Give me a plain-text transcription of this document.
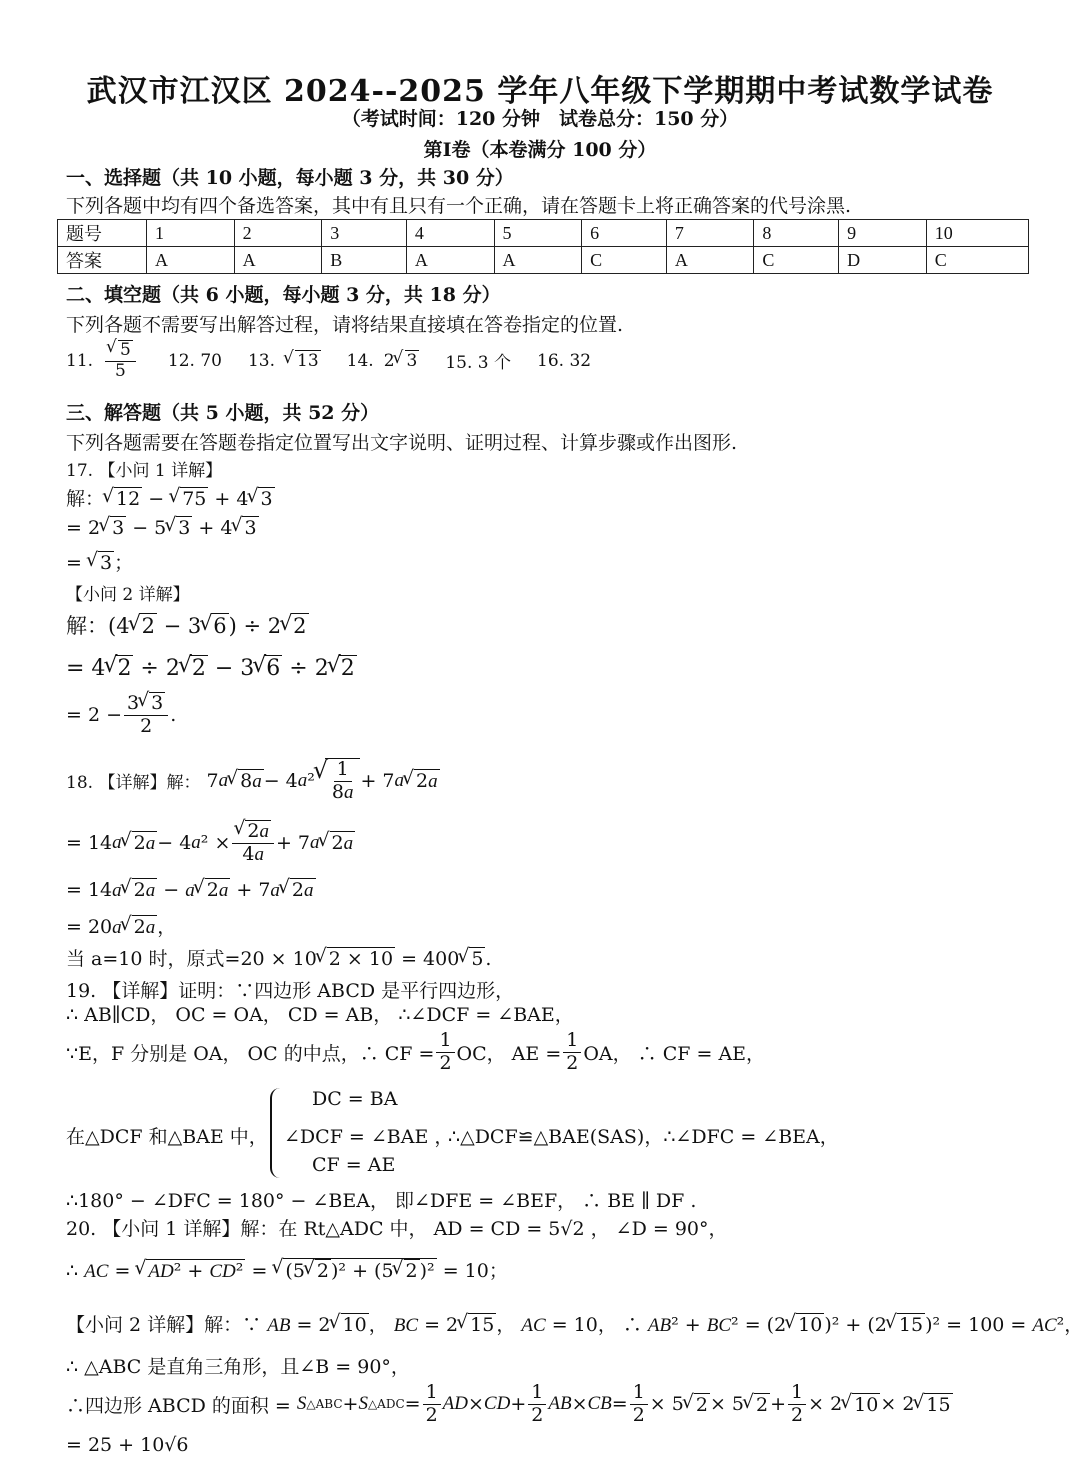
武汉市江汉区 2024--2025 学年八年级下学期期中考试数学试卷
（考试时间：120 分钟　试卷总分：150 分）
第Ⅰ卷（本卷满分 100 分）
一、选择题（共 10 小题，每小题 3 分，共 30 分）
下列各题中均有四个备选答案，其中有且只有一个正确，请在答题卡上将正确答案的代号涂黑.
题号	1	2	3	4	5	6	7	8	9	10
答案	A	A	B	A	A	C	A	C	D	C
二、填空题（共 6 小题，每小题 3 分，共 18 分）
下列各题不需要写出解答过程，请将结果直接填在答卷指定的位置.
11. √ $\frac{5}{5} 12$. 70 13.	√ 13 14. 2 √ 3 15. 3 个 16. 32
三、解答题（共 5 小题，共 52 分）
下列各题需要在答题卷指定位置写出文字说明、证明过程、计算步骤或作出图形.
17. 【小问 1 详解】
解： √ 12 − √ 75 + 4 √ 3
= 2 √ 3 − 5 √ 3 + 4 √ 3
= √ 3 ；
【小问 2 详解】
解：(4 √ 2 − 3 √ 6) ÷ 2 √ 2
= 4 √ 2 ÷ 2 √ 2 − 3 √ 6 ÷ 2 √ 2
= $2 - \frac{3 √ 3}{2}$ .
18. 【详解】解： 7 a √ 8a − 4 a ² √ $\frac{1}{8a} + 7$ a √ 2a
= 14 a √ 2a − 4 a ² × √ $\frac{2a}{4a} + 7$ a √ 2a
= 14a √ 2a − a √ 2a + 7a √ 2a
= 20a √ 2a ，
当 a=10 时，原式=20 × 10 √ 2 × 10 = 400 √ 5 .
19. 【详解】证明：∵四边形 ABCD 是平行四边形，
∴ AB∥CD， OC = OA， CD = AB， ∴∠DCF = ∠BAE，
∵E，F 分别是 OA， OC 的中点，∴ CF = $\frac{1}{2}$ OC， AE = $\frac{1}{2}$ OA， ∴ CF = AE，
在△DCF 和△BAE 中，
DC = BA
∠DCF = ∠BAE ，
∴△DCF≌△BAE(SAS)，∴∠DFC = ∠BEA，
CF = AE
∴180° − ∠DFC = 180° − ∠BEA， 即∠DFE = ∠BEF， ∴ BE ∥ DF .
20. 【小问 1 详解】解：在 Rt△ADC 中， AD = CD = 5√2 ， ∠D = 90°，
∴ AC = √ AD² + CD² = √ (5 √ 2 )² + (5 √ 2 )² = 10；
【小问 2 详解】解：∵ AB = 2 √ 10 ， BC = 2 √ 15 ， AC = 10， ∴ AB² + BC² = (2 √ 10 )² + (2 √ 15 )² = 100 = AC²，
∴ △ABC 是直角三角形，且∠B = 90°，
∴四边形 ABCD 的面积 =
S △ABC + S △ADC = $\frac{1}{2}$ AD × CD + $\frac{1}{2}$ AB × CB = $\frac{1}{2} \times 5$ √ 2 × 5 √ $2 + \frac{1}{2} \times 2$ √ 10 × 2 √ 15
= 25 + 10√6
